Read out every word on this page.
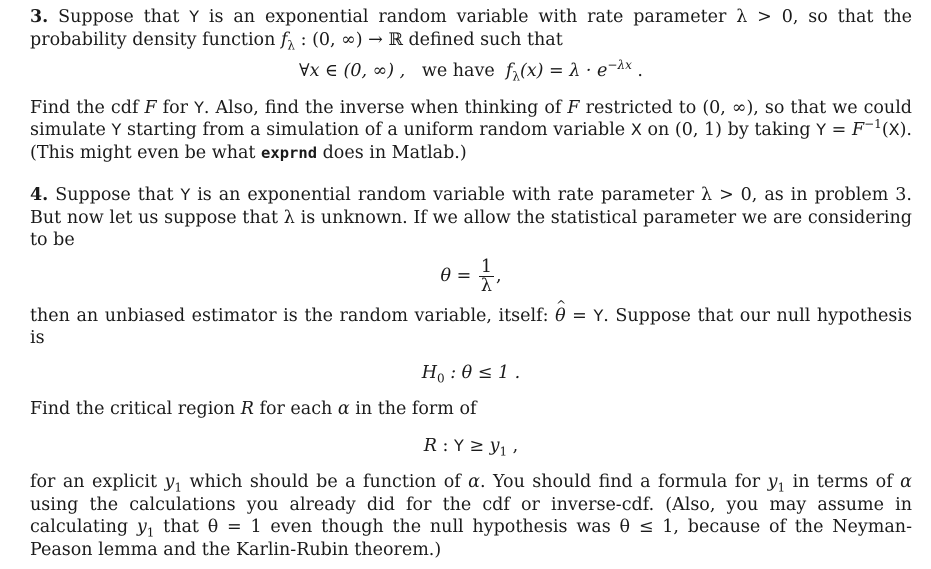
3. Suppose that Y is an exponential random variable with rate parameter λ > 0, so that the probability density function $f_\lambda$ : (0, ∞) → ℝ defined such that

∀x ∈ (0, ∞) , we have $f_\lambda(x) = \lambda \cdot e^{-\lambda x}$ .

Find the cdf F for Y. Also, find the inverse when thinking of F restricted to (0, ∞), so that we could simulate Y starting from a simulation of a uniform random variable X on (0, 1) by taking $Y = F^{-1}(X)$. (This might even be what exprnd does in Matlab.)

4. Suppose that Y is an exponential random variable with rate parameter λ > 0, as in problem 3. But now let us suppose that λ is unknown. If we allow the statistical parameter we are considering to be

$\theta = \frac{1}{\lambda}$ ,

then an unbiased estimator is the random variable, itself: ^ θ = Y. Suppose that our null hypothesis is

$H_0$ : θ ≤ 1 .

Find the critical region R for each α in the form of

R : $Y \ge y_1$ ,

for an explicit $y_1$ which should be a function of α. You should find a formula for $y_1$ in terms of α using the calculations you already did for the cdf or inverse-cdf. (Also, you may assume in calculating $y_1$ that θ = 1 even though the null hypothesis was θ ≤ 1, because of the Neyman-Peason lemma and the Karlin-Rubin theorem.)
